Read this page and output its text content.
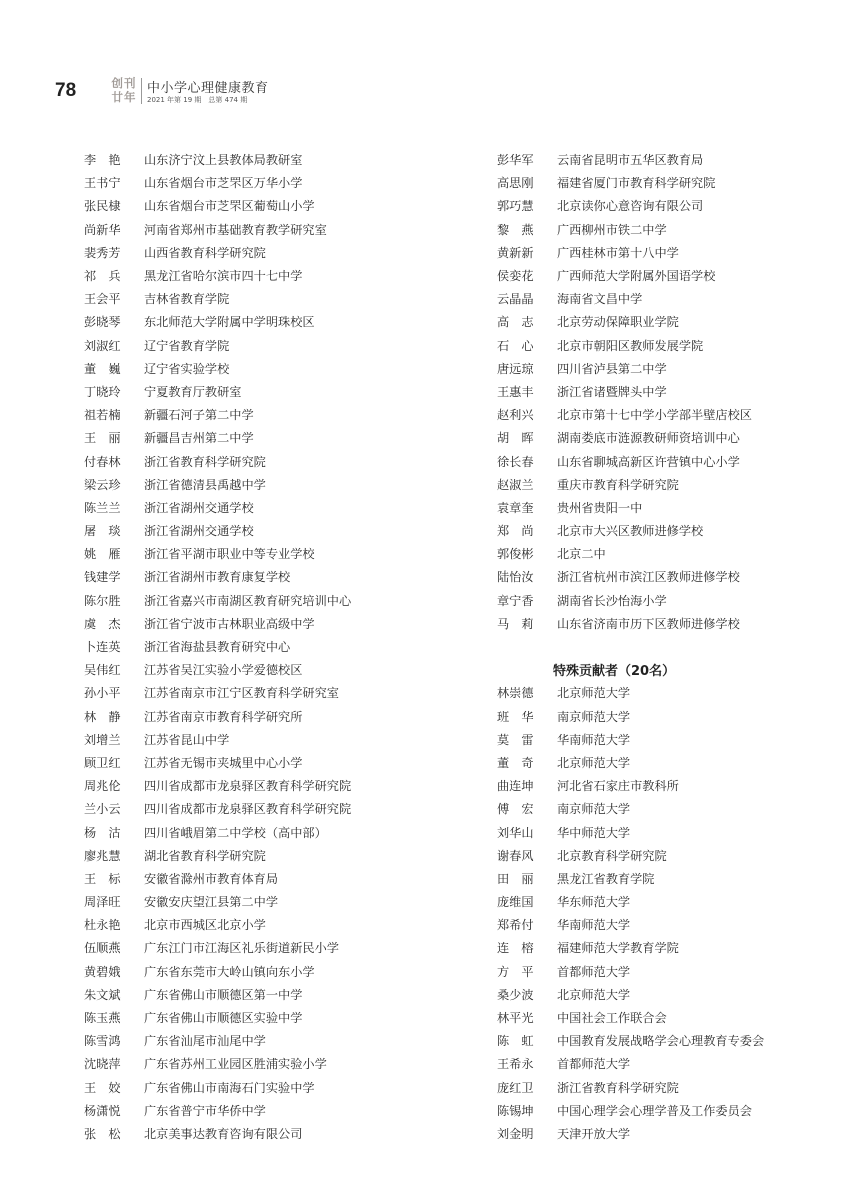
78	创刊
廿年
中小学心理健康教育
2021 年第 19 期　总第 474 期
李　艳	山东济宁汶上县教体局教研室
王书宁	山东省烟台市芝罘区万华小学
张民棣	山东省烟台市芝罘区葡萄山小学
尚新华	河南省郑州市基础教育教学研究室
裴秀芳	山西省教育科学研究院
祁　兵	黑龙江省哈尔滨市四十七中学
王会平	吉林省教育学院
彭晓琴	东北师范大学附属中学明珠校区
刘淑红	辽宁省教育学院
董　巍	辽宁省实验学校
丁晓玲	宁夏教育厅教研室
祖若楠	新疆石河子第二中学
王　丽	新疆昌吉州第二中学
付春林	浙江省教育科学研究院
梁云珍	浙江省德清县禹越中学
陈兰兰	浙江省湖州交通学校
屠　琰	浙江省湖州交通学校
姚　雁	浙江省平湖市职业中等专业学校
钱建学	浙江省湖州市教育康复学校
陈尔胜	浙江省嘉兴市南湖区教育研究培训中心
虞　杰	浙江省宁波市古林职业高级中学
卜连英	浙江省海盐县教育研究中心
吴伟红	江苏省吴江实验小学爱德校区
孙小平	江苏省南京市江宁区教育科学研究室
林　静	江苏省南京市教育科学研究所
刘增兰	江苏省昆山中学
顾卫红	江苏省无锡市夹城里中心小学
周兆伦	四川省成都市龙泉驿区教育科学研究院
兰小云	四川省成都市龙泉驿区教育科学研究院
杨　沽	四川省峨眉第二中学校（高中部）
廖兆慧	湖北省教育科学研究院
王　标	安徽省滁州市教育体育局
周泽旺	安徽安庆望江县第二中学
杜永艳	北京市西城区北京小学
伍顺燕	广东江门市江海区礼乐街道新民小学
黄碧娥	广东省东莞市大岭山镇向东小学
朱文斌	广东省佛山市顺德区第一中学
陈玉燕	广东省佛山市顺德区实验中学
陈雪鸿	广东省汕尾市汕尾中学
沈晓萍	广东省苏州工业园区胜浦实验小学
王　姣	广东省佛山市南海石门实验中学
杨潇悦	广东省普宁市华侨中学
张　松	北京美事达教育咨询有限公司
彭华军	云南省昆明市五华区教育局
高思刚	福建省厦门市教育科学研究院
郭巧慧	北京读你心意咨询有限公司
黎　燕	广西柳州市铁二中学
黄新新	广西桂林市第十八中学
侯娈花	广西师范大学附属外国语学校
云晶晶	海南省文昌中学
高　志	北京劳动保障职业学院
石　心	北京市朝阳区教师发展学院
唐远琼	四川省泸县第二中学
王惠丰	浙江省诸暨牌头中学
赵利兴	北京市第十七中学小学部半壁店校区
胡　晖	湖南娄底市涟源教研师资培训中心
徐长春	山东省聊城高新区许营镇中心小学
赵淑兰	重庆市教育科学研究院
袁章奎	贵州省贵阳一中
郑　尚	北京市大兴区教师进修学校
郭俊彬	北京二中
陆怡汝	浙江省杭州市滨江区教师进修学校
章宁香	湖南省长沙怡海小学
马　莉	山东省济南市历下区教师进修学校
特殊贡献者（20名）
林崇德	北京师范大学
班　华	南京师范大学
莫　雷	华南师范大学
董　奇	北京师范大学
曲连坤	河北省石家庄市教科所
傅　宏	南京师范大学
刘华山	华中师范大学
谢春风	北京教育科学研究院
田　丽	黑龙江省教育学院
庞维国	华东师范大学
郑希付	华南师范大学
连　榕	福建师范大学教育学院
方　平	首都师范大学
桑少波	北京师范大学
林平光	中国社会工作联合会
陈　虹	中国教育发展战略学会心理教育专委会
王希永	首都师范大学
庞红卫	浙江省教育科学研究院
陈锡坤	中国心理学会心理学普及工作委员会
刘金明	天津开放大学
